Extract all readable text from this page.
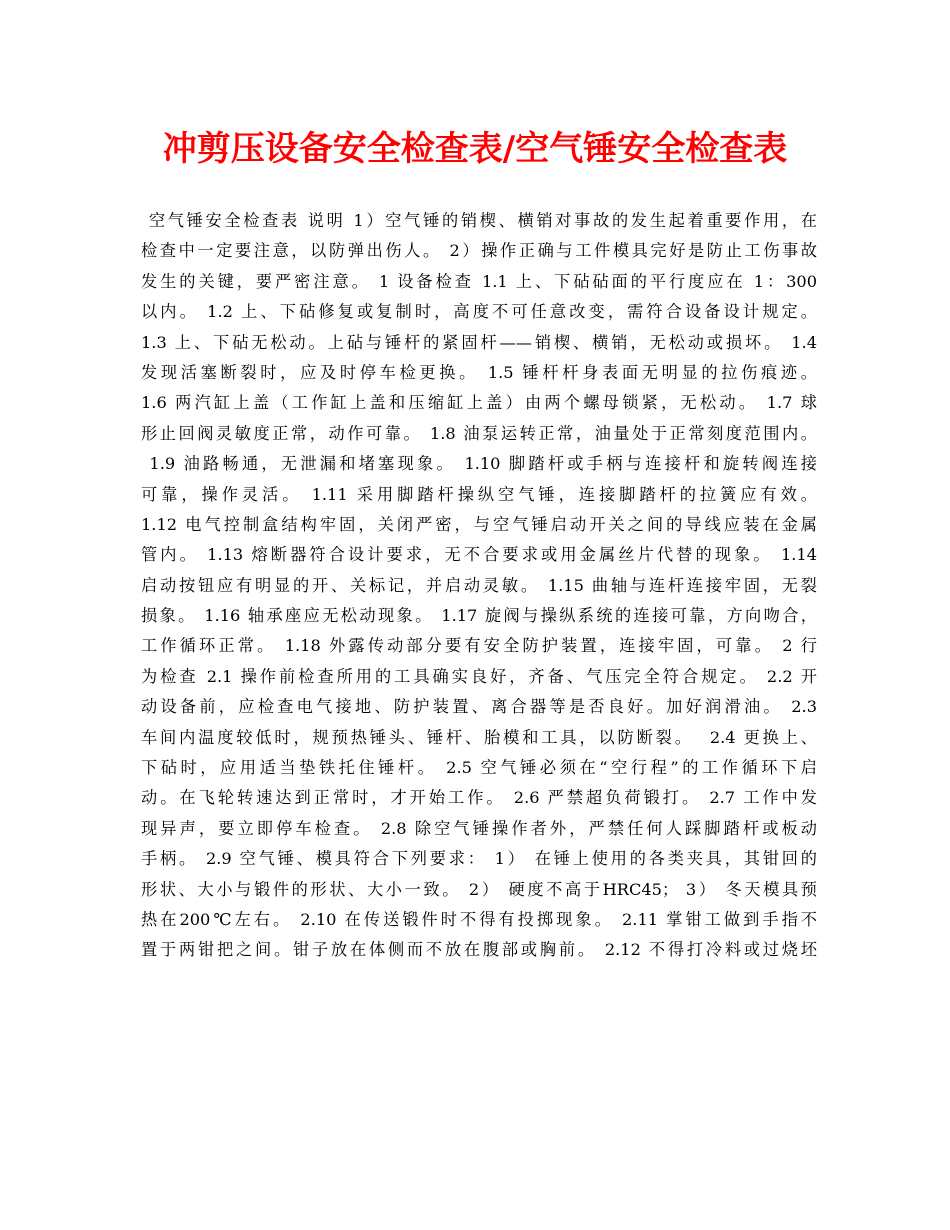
冲剪压设备安全检查表/空气锤安全检查表
空气锤安全检查表 说明 1）空气锤的销楔、横销对事故的发生起着重要作用，在
检查中一定要注意，以防弹出伤人。 2）操作正确与工件模具完好是防止工伤事故
发生的关键，要严密注意。 1 设备检查 1.1 上、下砧砧面的平行度应在 1：300
以内。 1.2 上、下砧修复或复制时，高度不可任意改变，需符合设备设计规定。
1.3 上、下砧无松动。上砧与锤杆的紧固杆——销楔、横销，无松动或损坏。 1.4
发现活塞断裂时，应及时停车检更换。 1.5 锤杆杆身表面无明显的拉伤痕迹。
1.6 两汽缸上盖（工作缸上盖和压缩缸上盖）由两个螺母锁紧，无松动。 1.7 球
形止回阀灵敏度正常，动作可靠。 1.8 油泵运转正常，油量处于正常刻度范围内。
1.9 油路畅通，无泄漏和堵塞现象。 1.10 脚踏杆或手柄与连接杆和旋转阀连接
可靠，操作灵活。 1.11 采用脚踏杆操纵空气锤，连接脚踏杆的拉簧应有效。
1.12 电气控制盒结构牢固，关闭严密，与空气锤启动开关之间的导线应装在金属
管内。 1.13 熔断器符合设计要求，无不合要求或用金属丝片代替的现象。 1.14
启动按钮应有明显的开、关标记，并启动灵敏。 1.15 曲轴与连杆连接牢固，无裂
损象。 1.16 轴承座应无松动现象。 1.17 旋阀与操纵系统的连接可靠，方向吻合，
工作循环正常。 1.18 外露传动部分要有安全防护装置，连接牢固，可靠。 2 行
为检查 2.1 操作前检查所用的工具确实良好，齐备、气压完全符合规定。 2.2 开
动设备前，应检查电气接地、防护装置、离合器等是否良好。加好润滑油。 2.3
车间内温度较低时，规预热锤头、锤杆、胎模和工具，以防断裂。  2.4 更换上、
下砧时，应用适当垫铁托住锤杆。 2.5 空气锤必须在“空行程”的工作循环下启
动。在飞轮转速达到正常时，才开始工作。 2.6 严禁超负荷锻打。 2.7 工作中发
现异声，要立即停车检查。 2.8 除空气锤操作者外，严禁任何人踩脚踏杆或板动
手柄。 2.9 空气锤、模具符合下列要求： 1） 在锤上使用的各类夹具，其钳回的
形状、大小与锻件的形状、大小一致。 2） 硬度不高于HRC45； 3） 冬天模具预
热在200℃左右。 2.10 在传送锻件时不得有投掷现象。 2.11 掌钳工做到手指不
置于两钳把之间。钳子放在体侧而不放在腹部或胸前。 2.12 不得打冷料或过烧坯
